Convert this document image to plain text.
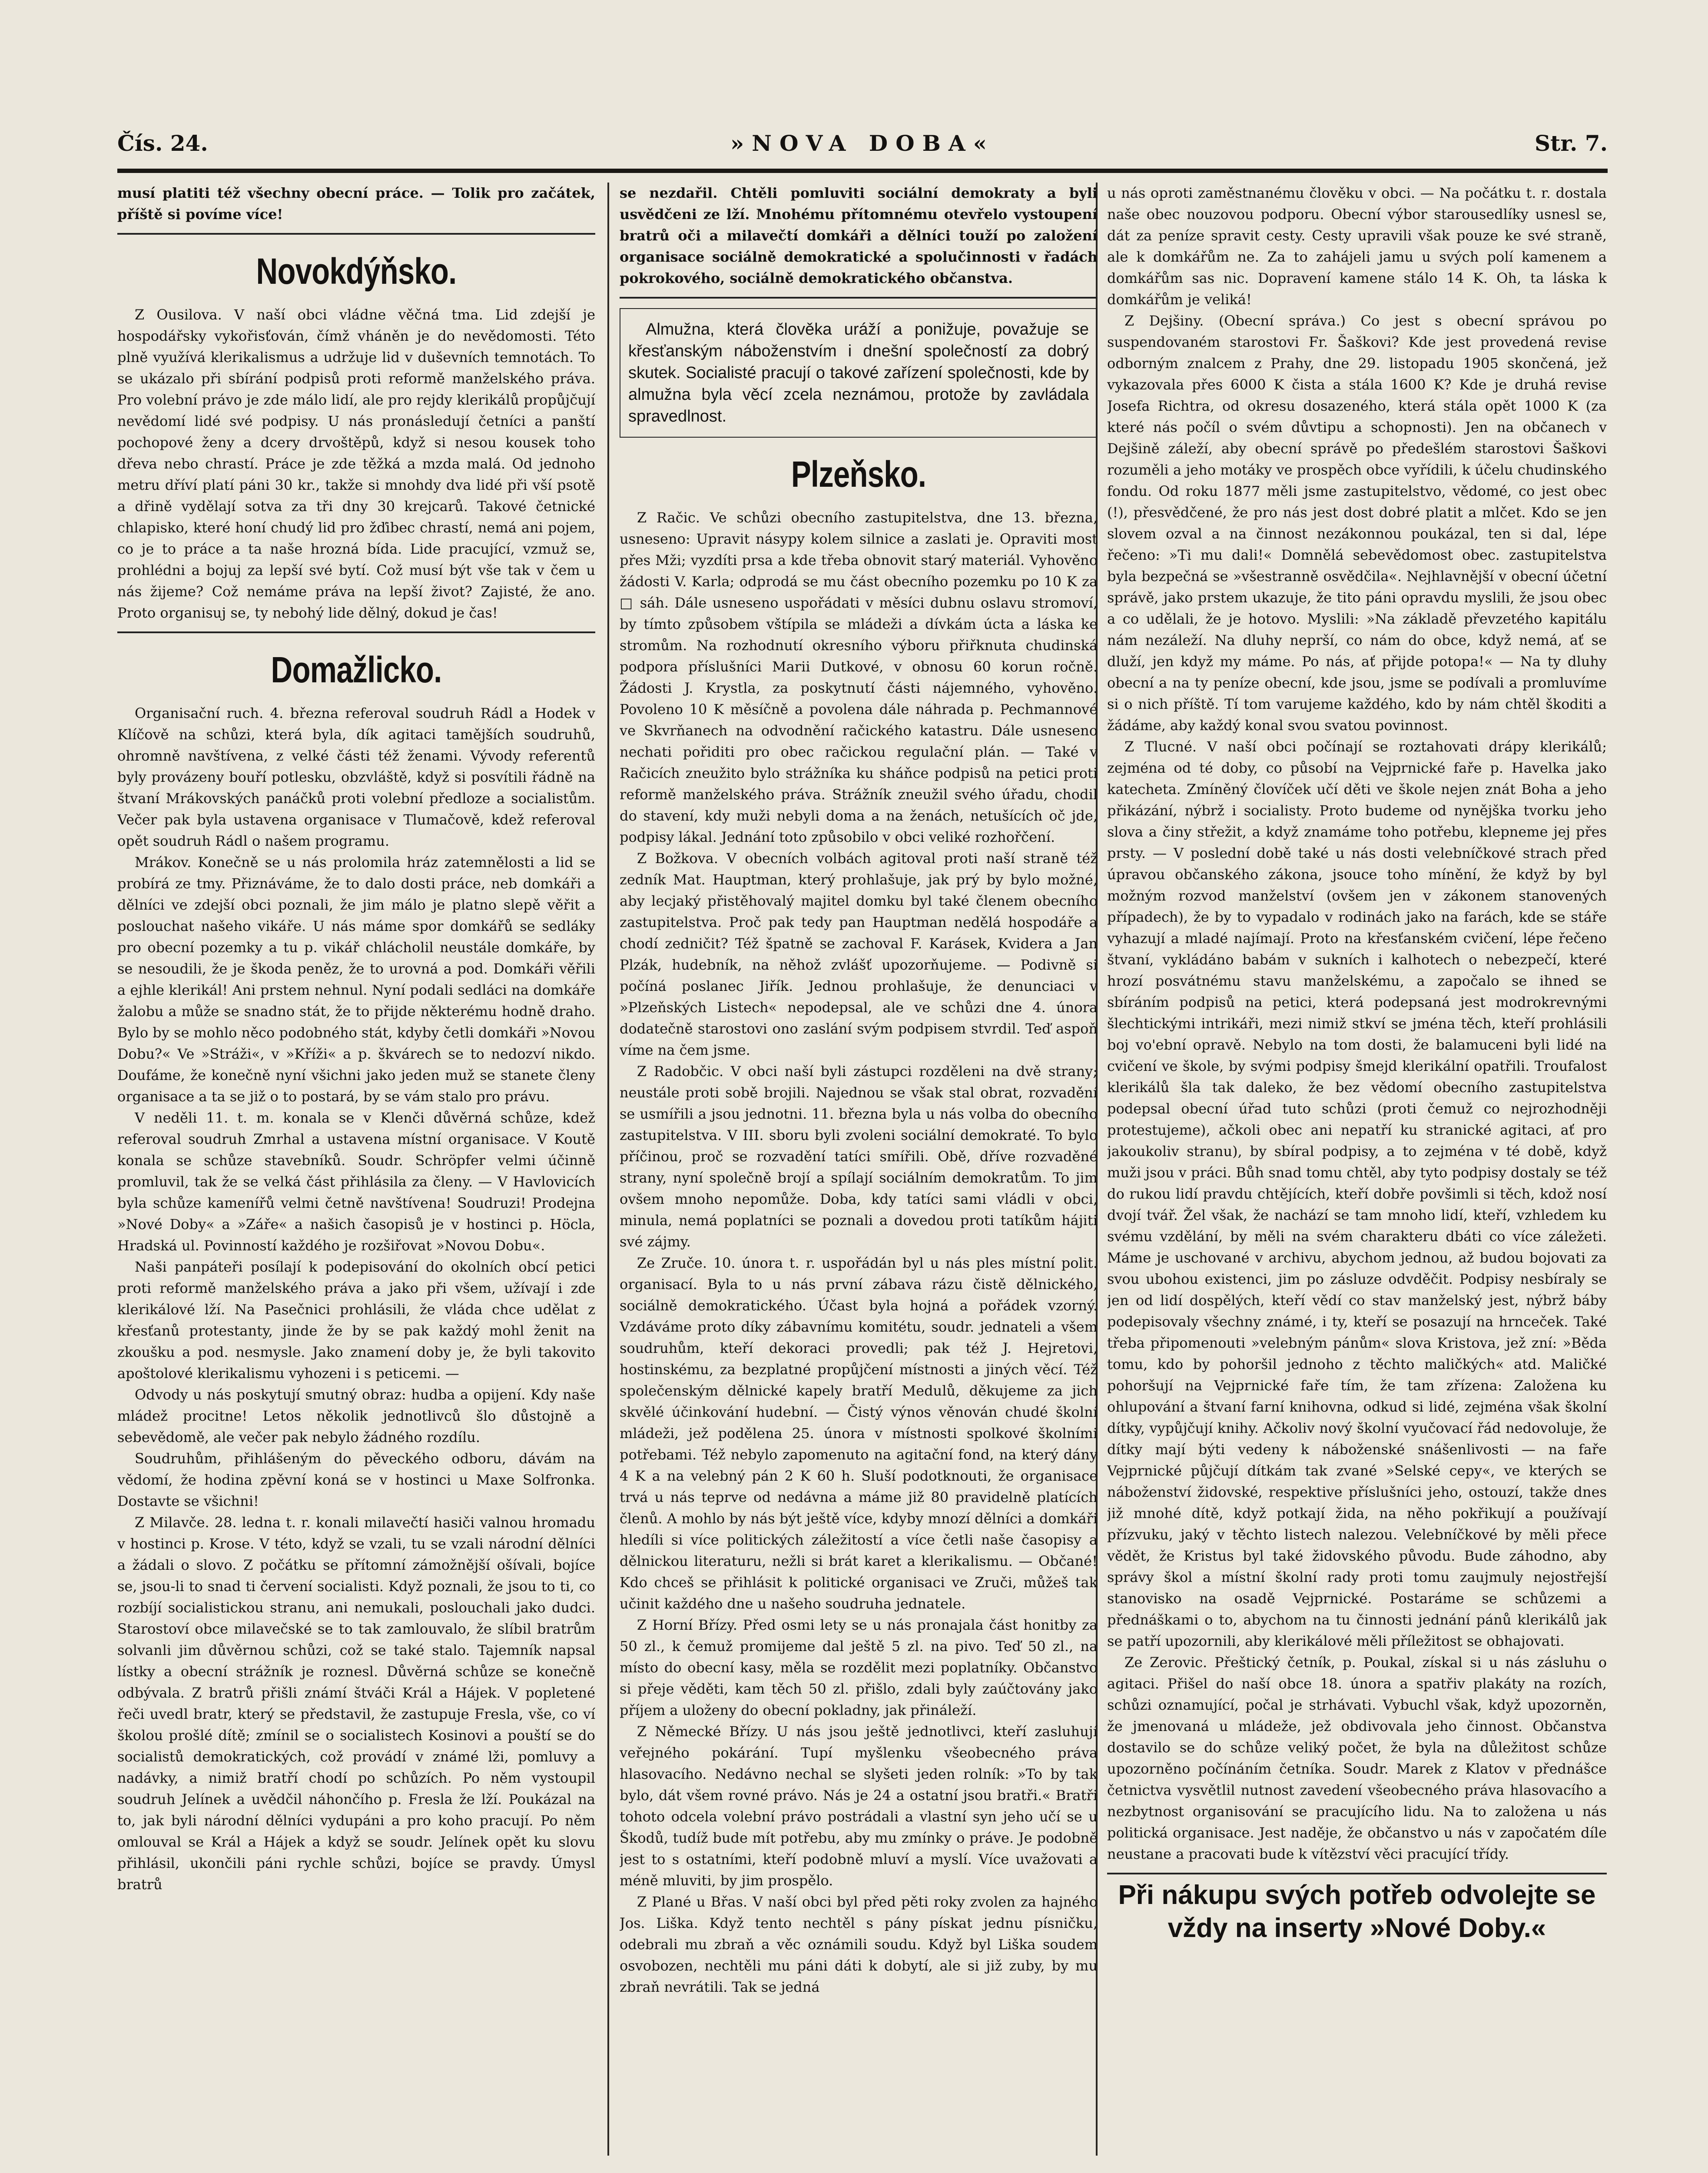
Čís. 24.	»NOVA DOBA«	Str. 7.

musí platiti též všechny obecní práce. — Tolik pro začátek, příště si povíme více!

Novokdýňsko.

Z Ousilova. V naší obci vládne věčná tma. Lid zdejší je hospodářsky vykořisťován, čímž vháněn je do nevědomosti. Této plně využívá klerikalismus a udržuje lid v duševních temnotách. To se ukázalo při sbírání podpisů proti reformě manželského práva. Pro volební právo je zde málo lidí, ale pro rejdy klerikálů propůjčují nevědomí lidé své podpisy. U nás pronásledují četníci a panští pochopové ženy a dcery drvoštěpů, když si nesou kousek toho dřeva nebo chrastí. Práce je zde těžká a mzda malá. Od jednoho metru dříví platí páni 30 kr., takže si mnohdy dva lidé při vší psotě a dřině vydělají sotva za tři dny 30 krejcarů. Takové četnické chlapisko, které honí chudý lid pro žďibec chrastí, nemá ani pojem, co je to práce a ta naše hrozná bída. Lide pracující, vzmuž se, prohlédni a bojuj za lepší své bytí. Což musí být vše tak v čem u nás žijeme? Což nemáme práva na lepší život? Zajisté, že ano. Proto organisuj se, ty nebohý lide dělný, dokud je čas!

Domažlicko.

Organisační ruch. 4. března referoval soudruh Rádl a Hodek v Klíčově na schůzi, která byla, dík agitaci tamějších soudruhů, ohromně navštívena, z velké části též ženami. Vývody referentů byly provázeny bouří potlesku, obzvláště, když si posvítili řádně na štvaní Mrákovských panáčků proti volební předloze a socialistům. Večer pak byla ustavena organisace v Tlumačově, kdež referoval opět soudruh Rádl o našem programu.

Mrákov. Konečně se u nás prolomila hráz zatemnělosti a lid se probírá ze tmy. Přiznáváme, že to dalo dosti práce, neb domkáři a dělníci ve zdejší obci poznali, že jim málo je platno slepě věřit a poslouchat našeho vikáře. U nás máme spor domkářů se sedláky pro obecní pozemky a tu p. vikář chlácholil neustále domkáře, by se nesoudili, že je škoda peněz, že to urovná a pod. Domkáři věřili a ejhle klerikál! Ani prstem nehnul. Nyní podali sedláci na domkáře žalobu a může se snadno stát, že to přijde některému hodně draho. Bylo by se mohlo něco podobného stát, kdyby četli domkáři »Novou Dobu?« Ve »Stráži«, v »Kříži« a p. škvárech se to nedozví nikdo. Doufáme, že konečně nyní všichni jako jeden muž se stanete členy organisace a ta se již o to postará, by se vám stalo pro právu.

V neděli 11. t. m. konala se v Klenči důvěrná schůze, kdež referoval soudruh Zmrhal a ustavena místní organisace. V Koutě konala se schůze stavebníků. Soudr. Schröpfer velmi účinně promluvil, tak že se velká část přihlásila za členy. — V Havlovicích byla schůze kamenířů velmi četně navštívena! Soudruzi! Prodejna »Nové Doby« a »Záře« a našich časopisů je v hostinci p. Höcla, Hradská ul. Povinností každého je rozšiřovat »Novou Dobu«.

Naši panpáteři posílají k podepisování do okolních obcí petici proti reformě manželského práva a jako při všem, užívají i zde klerikálové lží. Na Pasečnici prohlásili, že vláda chce udělat z křesťanů protestanty, jinde že by se pak každý mohl ženit na zkoušku a pod. nesmysle. Jako znamení doby je, že byli takovito apoštolové klerikalismu vyhozeni i s peticemi. —

Odvody u nás poskytují smutný obraz: hudba a opijení. Kdy naše mládež procitne! Letos několik jednotlivců šlo důstojně a sebevědomě, ale večer pak nebylo žádného rozdílu.

Soudruhům, přihlášeným do pěveckého odboru, dávám na vědomí, že hodina zpěvní koná se v hostinci u Maxe Solfronka. Dostavte se všichni!

Z Milavče. 28. ledna t. r. konali milavečtí hasiči valnou hromadu v hostinci p. Krose. V této, když se vzali, tu se vzali národní dělníci a žádali o slovo. Z počátku se přítomní zámožnější ošívali, bojíce se, jsou-li to snad ti červení socialisti. Když poznali, že jsou to ti, co rozbíjí socialistickou stranu, ani nemukali, poslouchali jako dudci. Starostoví obce milavečské se to tak zamlouvalo, že slíbil bratrům solvanli jim důvěrnou schůzi, což se také stalo. Tajemník napsal lístky a obecní strážník je roznesl. Důvěrná schůze se konečně odbývala. Z bratrů přišli známí štváči Král a Hájek. V popletené řeči uvedl bratr, který se představil, že zastupuje Fresla, vše, co ví školou prošlé dítě; zmínil se o socialistech Kosinovi a pouští se do socialistů demokratických, což provádí v známé lži, pomluvy a nadávky, a nimiž bratří chodí po schůzích. Po něm vystoupil soudruh Jelínek a uvědčil náhončího p. Fresla že lží. Poukázal na to, jak byli národní dělníci vydupáni a pro koho pracují. Po něm omlouval se Král a Hájek a když se soudr. Jelínek opět ku slovu přihlásil, ukončili páni rychle schůzi, bojíce se pravdy. Úmysl bratrů

se nezdařil. Chtěli pomluviti sociální demokraty a byli usvědčeni ze lží. Mnohému přítomnému otevřelo vystoupení bratrů oči a milavečtí domkáři a dělníci touží po založení organisace sociálně demokratické a spolučinnosti v řadách pokrokového, sociálně demokratického občanstva.

Almužna, která člověka uráží a ponižuje, považuje se křesťanským náboženstvím i dnešní společností za dobrý skutek. Socialisté pracují o takové zařízení společnosti, kde by almužna byla věcí zcela neznámou, protože by zavládala spravedlnost.
Plzeňsko.

Z Račic. Ve schůzi obecního zastupitelstva, dne 13. března, usneseno: Upravit násypy kolem silnice a zaslati je. Opraviti most přes Mži; vyzdíti prsa a kde třeba obnovit starý materiál. Vyhověno žádosti V. Karla; odprodá se mu část obecního pozemku po 10 K za □ sáh. Dále usneseno uspořádati v měsíci dubnu oslavu stromoví, by tímto způsobem vštípila se mládeži a dívkám úcta a láska ke stromům. Na rozhodnutí okresního výboru přiřknuta chudinská podpora příslušníci Marii Dutkové, v obnosu 60 korun ročně. Žádosti J. Krystla, za poskytnutí části nájemného, vyhověno. Povoleno 10 K měsíčně a povolena dále náhrada p. Pechmannové ve Skvrňanech na odvodnění račického katastru. Dále usneseno nechati pořiditi pro obec račickou regulační plán. — Také v Račicích zneužito bylo strážníka ku sháňce podpisů na petici proti reformě manželského práva. Strážník zneužil svého úřadu, chodil do stavení, kdy muži nebyli doma a na ženách, netušících oč jde, podpisy lákal. Jednání toto způsobilo v obci veliké rozhořčení.

Z Božkova. V obecních volbách agitoval proti naší straně též zedník Mat. Hauptman, který prohlašuje, jak prý by bylo možné, aby lecjaký přistěhovalý majitel domku byl také členem obecního zastupitelstva. Proč pak tedy pan Hauptman nedělá hospodáře a chodí zedničit? Též špatně se zachoval F. Karásek, Kvidera a Jan Plzák, hudebník, na něhož zvlášť upozorňujeme. — Podivně si počíná poslanec Jiřík. Jednou prohlašuje, že denunciaci v »Plzeňských Listech« nepodepsal, ale ve schůzi dne 4. února dodatečně starostovi ono zaslání svým podpisem stvrdil. Teď aspoň víme na čem jsme.

Z Radobčic. V obci naší byli zástupci rozděleni na dvě strany; neustále proti sobě brojili. Najednou se však stal obrat, rozvadění se usmířili a jsou jednotni. 11. března byla u nás volba do obecního zastupitelstva. V III. sboru byli zvoleni sociální demokraté. To bylo příčinou, proč se rozvadění tatíci smířili. Obě, dříve rozvaděné strany, nyní společně brojí a spílají sociálním demokratům. To jim ovšem mnoho nepomůže. Doba, kdy tatíci sami vládli v obci, minula, nemá poplatníci se poznali a dovedou proti tatíkům hájiti své zájmy.

Ze Zruče. 10. února t. r. uspořádán byl u nás ples místní polit. organisací. Byla to u nás první zábava rázu čistě dělnického, sociálně demokratického. Účast byla hojná a pořádek vzorný. Vzdáváme proto díky zábavnímu komitétu, soudr. jednateli a všem soudruhům, kteří dekoraci provedli; pak též J. Hejretovi, hostinskému, za bezplatné propůjčení místnosti a jiných věcí. Též společenským dělnické kapely bratří Medulů, děkujeme za jich skvělé účinkování hudební. — Čistý výnos věnován chudé školní mládeži, jež podělena 25. února v místnosti spolkové školními potřebami. Též nebylo zapomenuto na agitační fond, na který dány 4 K a na velebný pán 2 K 60 h. Sluší podotknouti, že organisace trvá u nás teprve od nedávna a máme již 80 pravidelně platících členů. A mohlo by nás být ještě více, kdyby mnozí dělníci a domkáři hledíli si více politických záležitostí a více četli naše časopisy a dělnickou literaturu, nežli si brát karet a klerikalismu. — Občané! Kdo chceš se přihlásit k politické organisaci ve Zruči, můžeš tak učinit každého dne u našeho soudruha jednatele.

Z Horní Břízy. Před osmi lety se u nás pronajala část honitby za 50 zl., k čemuž promijeme dal ještě 5 zl. na pivo. Teď 50 zl., na místo do obecní kasy, měla se rozdělit mezi poplatníky. Občanstvo si přeje věděti, kam těch 50 zl. přišlo, zdali byly zaúčtovány jako příjem a uloženy do obecní pokladny, jak přináleží.

Z Německé Břízy. U nás jsou ještě jednotlivci, kteří zasluhují veřejného pokárání. Tupí myšlenku všeobecného práva hlasovacího. Nedávno nechal se slyšeti jeden rolník: »To by tak bylo, dát všem rovné právo. Nás je 24 a ostatní jsou bratři.« Bratři tohoto odcela volební právo postrádali a vlastní syn jeho učí se u Škodů, tudíž bude mít potřebu, aby mu zmínky o práve. Je podobně jest to s ostatními, kteří podobně mluví a myslí. Více uvažovati a méně mluviti, by jim prospělo.

Z Plané u Břas. V naší obci byl před pěti roky zvolen za hajného Jos. Liška. Když tento nechtěl s pány pískat jednu písničku, odebrali mu zbraň a věc oznámili soudu. Když byl Liška soudem osvobozen, nechtěli mu páni dáti k dobytí, ale si již zuby, by mu zbraň nevrátili. Tak se jedná

u nás oproti zaměstnanému člověku v obci. — Na počátku t. r. dostala naše obec nouzovou podporu. Obecní výbor starousedlíky usnesl se, dát za peníze spravit cesty. Cesty upravili však pouze ke své straně, ale k domkářům ne. Za to zahájeli jamu u svých polí kamenem a domkářům sas nic. Dopravení kamene stálo 14 K. Oh, ta láska k domkářům je veliká!

Z Dejšiny. (Obecní správa.) Co jest s obecní správou po suspendovaném starostovi Fr. Šaškovi? Kde jest provedená revise odborným znalcem z Prahy, dne 29. listopadu 1905 skončená, jež vykazovala přes 6000 K čista a stála 1600 K? Kde je druhá revise Josefa Richtra, od okresu dosazeného, která stála opět 1000 K (za které nás počíl o svém důvtipu a schopnosti). Jen na občanech v Dejšině záleží, aby obecní správě po předešlém starostovi Šaškovi rozuměli a jeho motáky ve prospěch obce vyřídili, k účelu chudinského fondu. Od roku 1877 měli jsme zastupitelstvo, vědomé, co jest obec (!), přesvědčené, že pro nás jest dost dobré platit a mlčet. Kdo se jen slovem ozval a na činnost nezákonnou poukázal, ten si dal, lépe řečeno: »Ti mu dali!« Domnělá sebevědomost obec. zastupitelstva byla bezpečná se »všestranně osvědčila«. Nejhlavnější v obecní účetní správě, jako prstem ukazuje, že tito páni opravdu myslili, že jsou obec a co udělali, že je hotovo. Myslili: »Na základě převzetého kapitálu nám nezáleží. Na dluhy neprší, co nám do obce, když nemá, ať se dluží, jen když my máme. Po nás, ať přijde potopa!« — Na ty dluhy obecní a na ty peníze obecní, kde jsou, jsme se podívali a promluvíme si o nich příště. Tí tom varujeme každého, kdo by nám chtěl škoditi a žádáme, aby každý konal svou svatou povinnost.

Z Tlucné. V naší obci počínají se roztahovati drápy klerikálů; zejména od té doby, co působí na Vejprnické faře p. Havelka jako katecheta. Zmíněný človíček učí děti ve škole nejen znát Boha a jeho přikázání, nýbrž i socialisty. Proto budeme od nynějška tvorku jeho slova a činy střežit, a když znamáme toho potřebu, klepneme jej přes prsty. — V poslední době také u nás dosti velebníčkové strach před úpravou občanského zákona, jsouce toho mínění, že když by byl možným rozvod manželství (ovšem jen v zákonem stanovených případech), že by to vypadalo v rodinách jako na farách, kde se stáře vyhazují a mladé najímají. Proto na křesťanském cvičení, lépe řečeno štvaní, vykládáno babám v sukních i kalhotech o nebezpečí, které hrozí posvátnému stavu manželskému, a započalo se ihned se sbíráním podpisů na petici, která podepsaná jest modrokrevnými šlechtickými intrikáři, mezi nimiž stkví se jména těch, kteří prohlásili boj vo'ební opravě. Nebylo na tom dosti, že balamuceni byli lidé na cvičení ve škole, by svými podpisy šmejd klerikální opatřili. Troufalost klerikálů šla tak daleko, že bez vědomí obecního zastupitelstva podepsal obecní úřad tuto schůzi (proti čemuž co nejrozhodněji protestujeme), ačkoli obec ani nepatří ku stranické agitaci, ať pro jakoukoliv stranu), by sbíral podpisy, a to zejména v té době, když muži jsou v práci. Bůh snad tomu chtěl, aby tyto podpisy dostaly se též do rukou lidí pravdu chtějících, kteří dobře povšimli si těch, kdož nosí dvojí tvář. Žel však, že nachází se tam mnoho lidí, kteří, vzhledem ku svému vzdělání, by měli na svém charakteru dbáti co více záležeti. Máme je uschované v archivu, abychom jednou, až budou bojovati za svou ubohou existenci, jim po zásluze odvděčit. Podpisy nesbíraly se jen od lidí dospělých, kteří vědí co stav manželský jest, nýbrž báby podepisovaly všechny známé, i ty, kteří se posazují na hrnceček. Také třeba připomenouti »velebným pánům« slova Kristova, jež zní: »Běda tomu, kdo by pohoršil jednoho z těchto maličkých« atd. Maličké pohoršují na Vejprnické faře tím, že tam zřízena: Založena ku ohlupování a štvaní farní knihovna, odkud si lidé, zejména však školní dítky, vypůjčují knihy. Ačkoliv nový školní vyučovací řád nedovoluje, že dítky mají býti vedeny k náboženské snášenlivosti — na faře Vejprnické půjčují dítkám tak zvané »Selské cepy«, ve kterých se náboženství židovské, respektive příslušníci jeho, ostouzí, takže dnes již mnohé dítě, když potkají žida, na něho pokřikují a používají přízvuku, jaký v těchto listech nalezou. Velebníčkové by měli přece vědět, že Kristus byl také židovského původu. Bude záhodno, aby správy škol a místní školní rady proti tomu zaujmuly nejostřejší stanovisko na osadě Vejprnické. Postaráme se schůzemi a přednáškami o to, abychom na tu činnosti jednání pánů klerikálů jak se patří upozornili, aby klerikálové měli příležitost se obhajovati.

Ze Zerovic. Přeštický četník, p. Poukal, získal si u nás zásluhu o agitaci. Přišel do naší obce 18. února a spatřiv plakáty na rozích, schůzi oznamující, počal je strhávati. Vybuchl však, když upozorněn, že jmenovaná u mládeže, jež obdivovala jeho činnost. Občanstva dostavilo se do schůze veliký počet, že byla na důležitost schůze upozorněno počínáním četníka. Soudr. Marek z Klatov v přednášce četnictva vysvětlil nutnost zavedení všeobecného práva hlasovacího a nezbytnost organisování se pracujícího lidu. Na to založena u nás politická organisace. Jest naděje, že občanstvo u nás v započatém díle neustane a pracovati bude k vítězství věci pracující třídy.

Při nákupu svých potřeb odvolejte se vždy na inserty »Nové Doby.«
